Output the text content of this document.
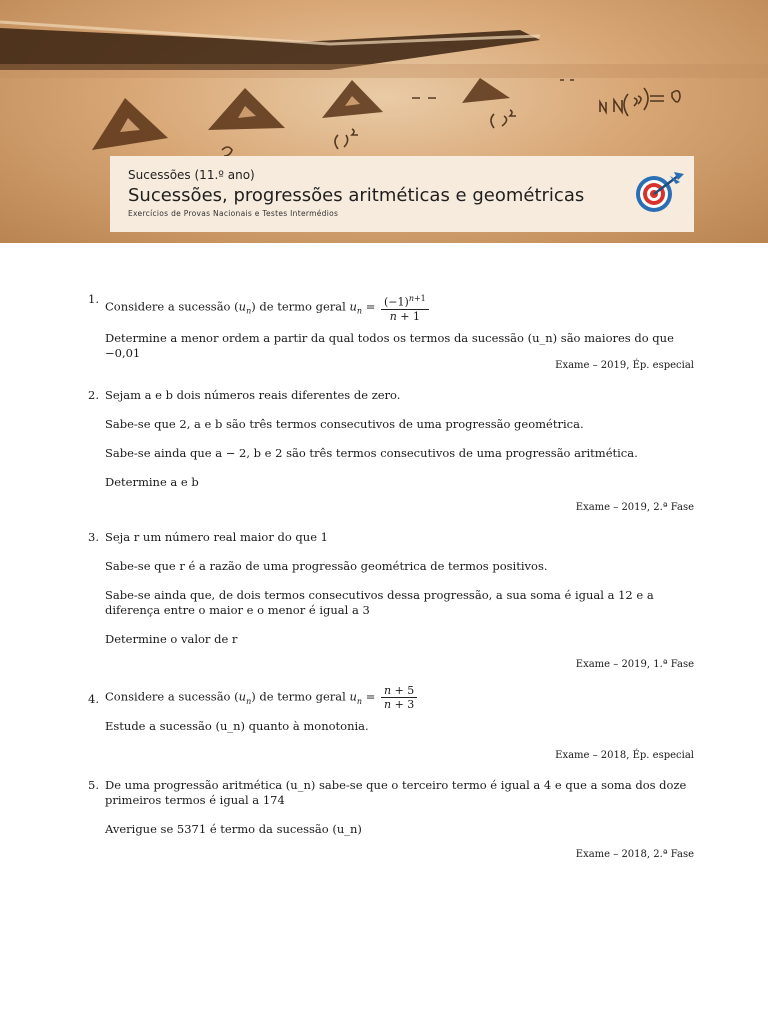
Sucessões (11.º ano)
Sucessões, progressões aritméticas e geométricas
Exercícios de Provas Nacionais e Testes Intermédios
1.

Considere a sucessão $(u_n)$ de termo geral $u_n = \frac{(-1)^{n+1}}{n + 1}$

Determine a menor ordem a partir da qual todos os termos da sucessão (u_n) são maiores do que −0,01

Exame – 2019, Ép. especial
2. Sejam a e b dois números reais diferentes de zero.

Sabe-se que 2, a e b são três termos consecutivos de uma progressão geométrica.

Sabe-se ainda que a − 2, b e 2 são três termos consecutivos de uma progressão aritmética.

Determine a e b

Exame – 2019, 2.ª Fase
3. Seja r um número real maior do que 1

Sabe-se que r é a razão de uma progressão geométrica de termos positivos.

Sabe-se ainda que, de dois termos consecutivos dessa progressão, a sua soma é igual a 12 e a diferença entre o maior e o menor é igual a 3

Determine o valor de r

Exame – 2019, 1.ª Fase
4. Considere a sucessão $(u_n)$ de termo geral $u_n = \frac{n + 5}{n + 3}$

Estude a sucessão (u_n) quanto à monotonia.

Exame – 2018, Ép. especial
5. De uma progressão aritmética (u_n) sabe-se que o terceiro termo é igual a 4 e que a soma dos doze primeiros termos é igual a 174

Averigue se 5371 é termo da sucessão (u_n)

Exame – 2018, 2.ª Fase
